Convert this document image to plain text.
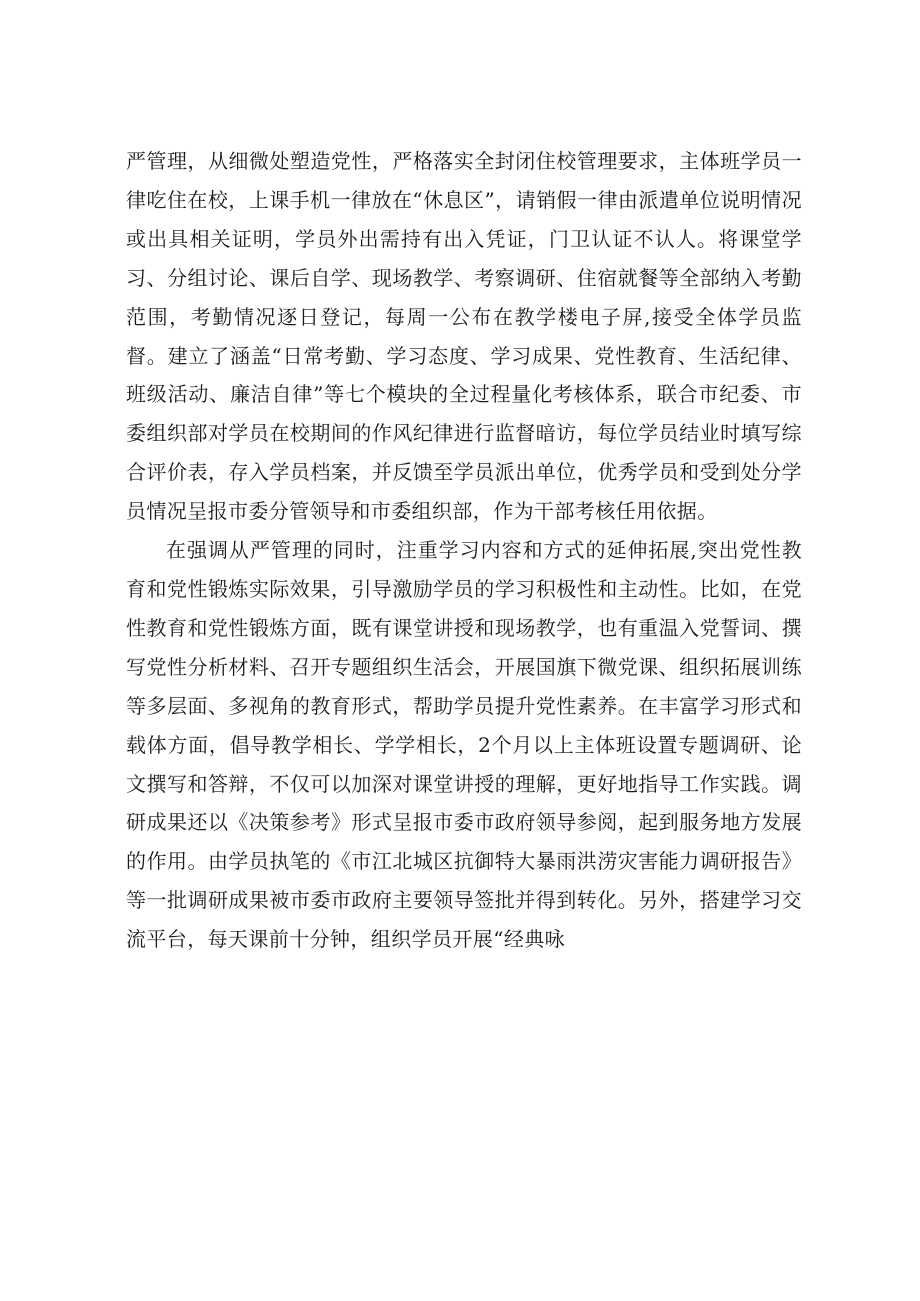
严管理，从细微处塑造党性，严格落实全封闭住校管理要求，主体班学员一律吃住在校，上课手机一律放在“休息区”，请销假一律由派遣单位说明情况或出具相关证明，学员外出需持有出入凭证，门卫认证不认人。将课堂学习、分组讨论、课后自学、现场教学、考察调研、住宿就餐等全部纳入考勤范围，考勤情况逐日登记，每周一公布在教学楼电子屏,接受全体学员监督。建立了涵盖“日常考勤、学习态度、学习成果、党性教育、生活纪律、班级活动、廉洁自律”等七个模块的全过程量化考核体系，联合市纪委、市委组织部对学员在校期间的作风纪律进行监督暗访，每位学员结业时填写综合评价表，存入学员档案，并反馈至学员派出单位，优秀学员和受到处分学员情况呈报市委分管领导和市委组织部，作为干部考核任用依据。

在强调从严管理的同时，注重学习内容和方式的延伸拓展,突出党性教育和党性锻炼实际效果，引导激励学员的学习积极性和主动性。比如，在党性教育和党性锻炼方面，既有课堂讲授和现场教学，也有重温入党誓词、撰写党性分析材料、召开专题组织生活会，开展国旗下微党课、组织拓展训练等多层面、多视角的教育形式，帮助学员提升党性素养。在丰富学习形式和载体方面，倡导教学相长、学学相长，2个月以上主体班设置专题调研、论文撰写和答辩，不仅可以加深对课堂讲授的理解，更好地指导工作实践。调研成果还以《决策参考》形式呈报市委市政府领导参阅，起到服务地方发展的作用。由学员执笔的《市江北城区抗御特大暴雨洪涝灾害能力调研报告》等一批调研成果被市委市政府主要领导签批并得到转化。另外，搭建学习交流平台，每天课前十分钟，组织学员开展“经典咏
